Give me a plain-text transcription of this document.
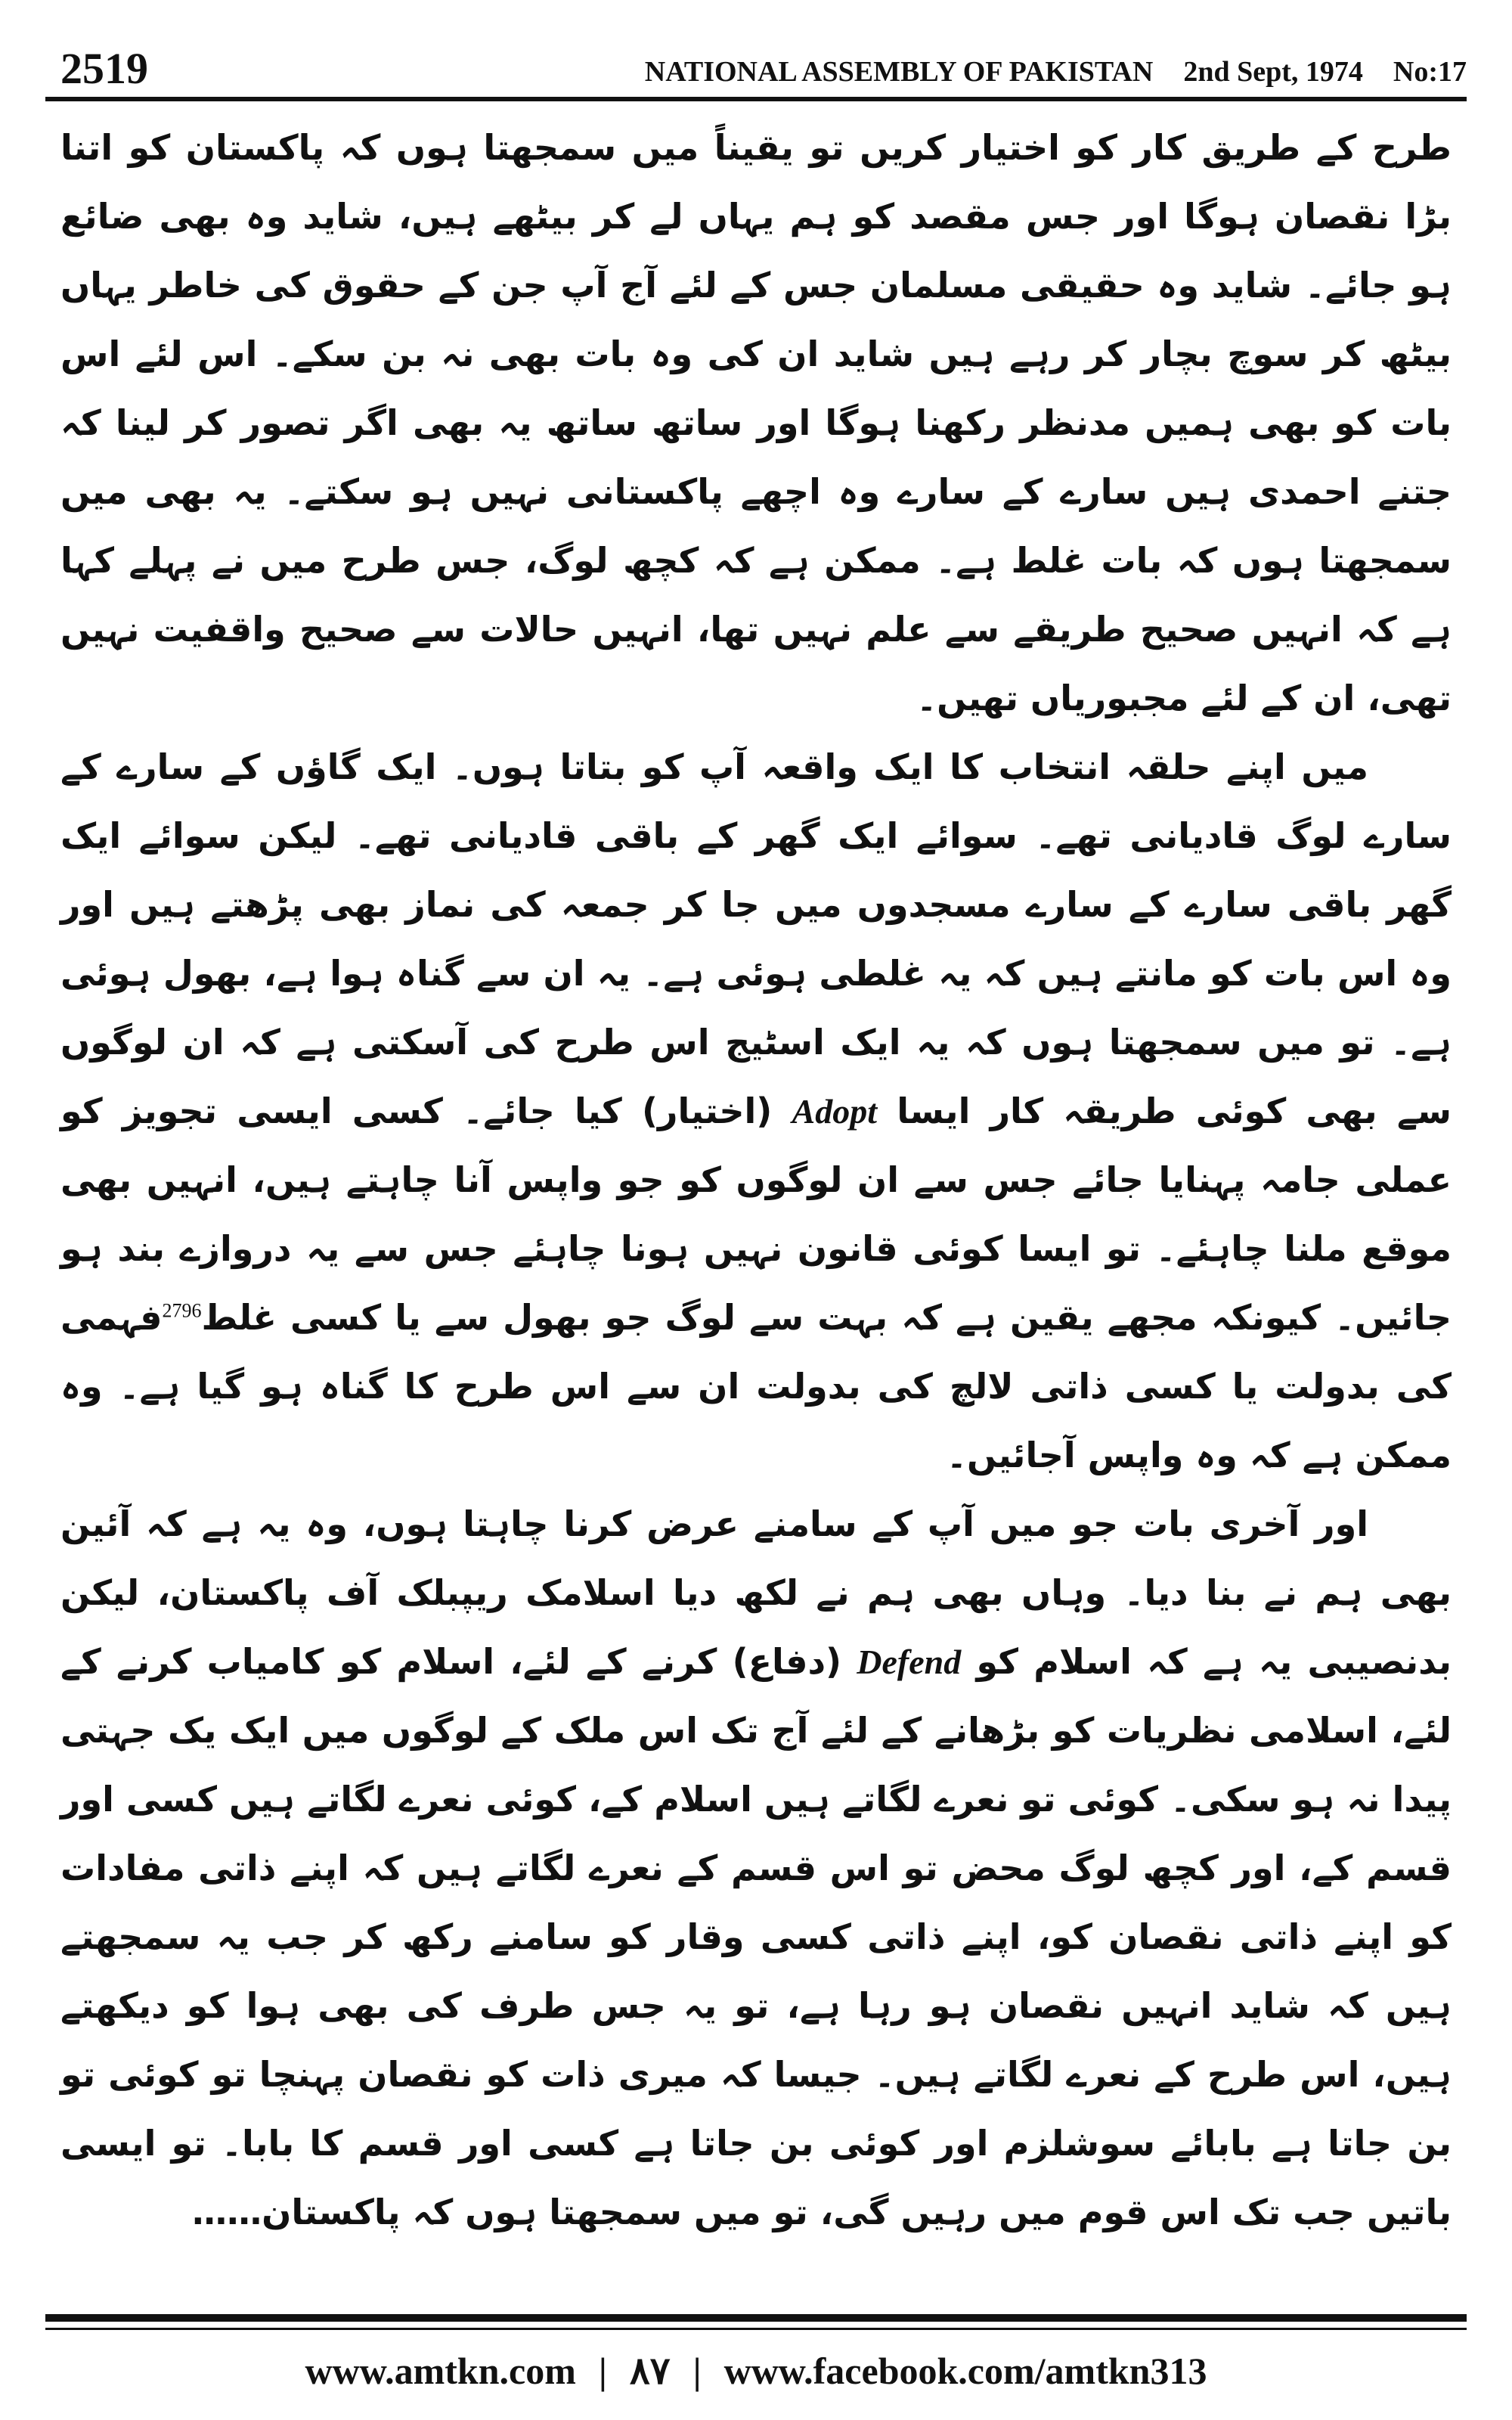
2519	NATIONAL ASSEMBLY OF PAKISTAN 2nd Sept, 1974 No:17

طرح کے طریق کار کو اختیار کریں تو یقیناً میں سمجھتا ہوں کہ پاکستان کو اتنا بڑا نقصان ہوگا اور جس مقصد کو ہم یہاں لے کر بیٹھے ہیں، شاید وہ بھی ضائع ہو جائے۔ شاید وہ حقیقی مسلمان جس کے لئے آج آپ جن کے حقوق کی خاطر یہاں بیٹھ کر سوچ بچار کر رہے ہیں شاید ان کی وہ بات بھی نہ بن سکے۔ اس لئے اس بات کو بھی ہمیں مدنظر رکھنا ہوگا اور ساتھ ساتھ یہ بھی اگر تصور کر لینا کہ جتنے احمدی ہیں سارے کے سارے وہ اچھے پاکستانی نہیں ہو سکتے۔ یہ بھی میں سمجھتا ہوں کہ بات غلط ہے۔ ممکن ہے کہ کچھ لوگ، جس طرح میں نے پہلے کہا ہے کہ انہیں صحیح طریقے سے علم نہیں تھا، انہیں حالات سے صحیح واقفیت نہیں تھی، ان کے لئے مجبوریاں تھیں۔

میں اپنے حلقہ انتخاب کا ایک واقعہ آپ کو بتاتا ہوں۔ ایک گاؤں کے سارے کے سارے لوگ قادیانی تھے۔ سوائے ایک گھر کے باقی قادیانی تھے۔ لیکن سوائے ایک گھر باقی سارے کے سارے مسجدوں میں جا کر جمعہ کی نماز بھی پڑھتے ہیں اور وہ اس بات کو مانتے ہیں کہ یہ غلطی ہوئی ہے۔ یہ ان سے گناہ ہوا ہے، بھول ہوئی ہے۔ تو میں سمجھتا ہوں کہ یہ ایک اسٹیج اس طرح کی آسکتی ہے کہ ان لوگوں سے بھی کوئی طریقہ کار ایسا Adopt (اختیار) کیا جائے۔ کسی ایسی تجویز کو عملی جامہ پہنایا جائے جس سے ان لوگوں کو جو واپس آنا چاہتے ہیں، انہیں بھی موقع ملنا چاہئے۔ تو ایسا کوئی قانون نہیں ہونا چاہئے جس سے یہ دروازے بند ہو جائیں۔ کیونکہ مجھے یقین ہے کہ بہت سے لوگ جو بھول سے یا کسی غلط$^{2796}$فہمی کی بدولت یا کسی ذاتی لالچ کی بدولت ان سے اس طرح کا گناہ ہو گیا ہے۔ وہ ممکن ہے کہ وہ واپس آجائیں۔

اور آخری بات جو میں آپ کے سامنے عرض کرنا چاہتا ہوں، وہ یہ ہے کہ آئین بھی ہم نے بنا دیا۔ وہاں بھی ہم نے لکھ دیا اسلامک ریپبلک آف پاکستان، لیکن بدنصیبی یہ ہے کہ اسلام کو Defend (دفاع) کرنے کے لئے، اسلام کو کامیاب کرنے کے لئے، اسلامی نظریات کو بڑھانے کے لئے آج تک اس ملک کے لوگوں میں ایک یک جہتی پیدا نہ ہو سکی۔ کوئی تو نعرے لگاتے ہیں اسلام کے، کوئی نعرے لگاتے ہیں کسی اور قسم کے، اور کچھ لوگ محض تو اس قسم کے نعرے لگاتے ہیں کہ اپنے ذاتی مفادات کو اپنے ذاتی نقصان کو، اپنے ذاتی کسی وقار کو سامنے رکھ کر جب یہ سمجھتے ہیں کہ شاید انہیں نقصان ہو رہا ہے، تو یہ جس طرف کی بھی ہوا کو دیکھتے ہیں، اس طرح کے نعرے لگاتے ہیں۔ جیسا کہ میری ذات کو نقصان پہنچا تو کوئی تو بن جاتا ہے بابائے سوشلزم اور کوئی بن جاتا ہے کسی اور قسم کا بابا۔ تو ایسی باتیں جب تک اس قوم میں رہیں گی، تو میں سمجھتا ہوں کہ پاکستان……

www.amtkn.com | ۸۷ | www.facebook.com/amtkn313
